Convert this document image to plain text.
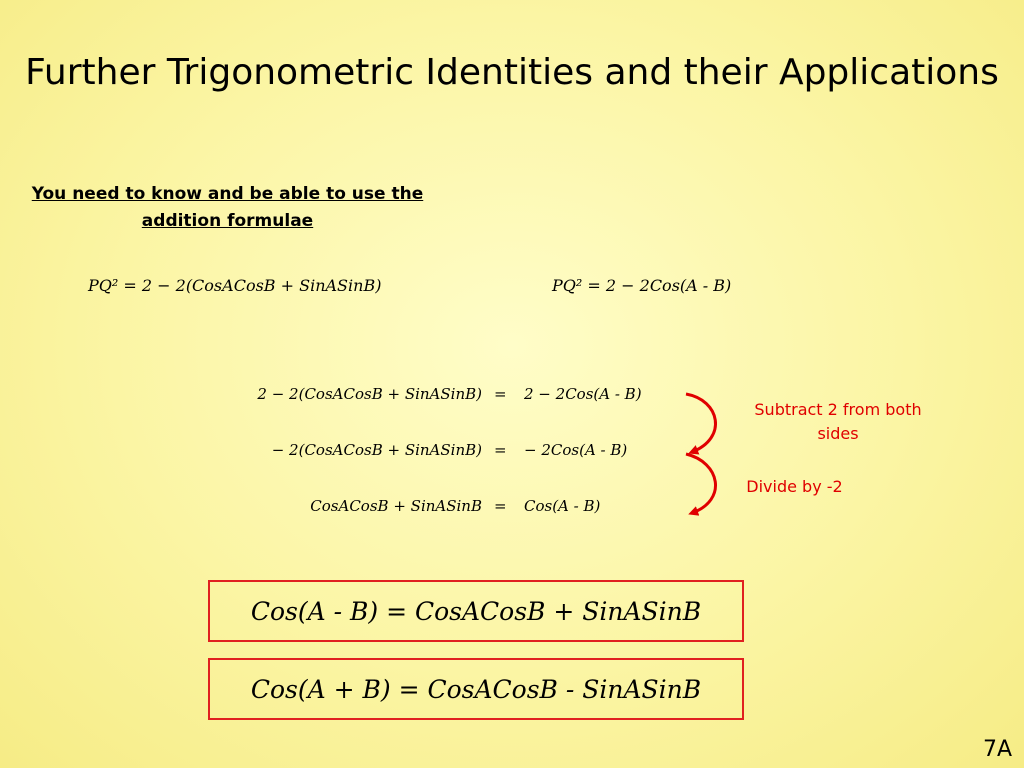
Further Trigonometric Identities and their Applications
You need to know and be able to use the addition formulae
PQ² = 2 − 2(CosACosB + SinASinB)	PQ² = 2 − 2Cos(A - B)
2 − 2(CosACosB + SinASinB) = 2 − 2Cos(A - B)
− 2(CosACosB + SinASinB) = − 2Cos(A - B)
CosACosB + SinASinB = Cos(A - B)
Subtract 2 from both sides
Divide by -2
Cos(A - B) = CosACosB + SinASinB
Cos(A + B) = CosACosB - SinASinB
7A
